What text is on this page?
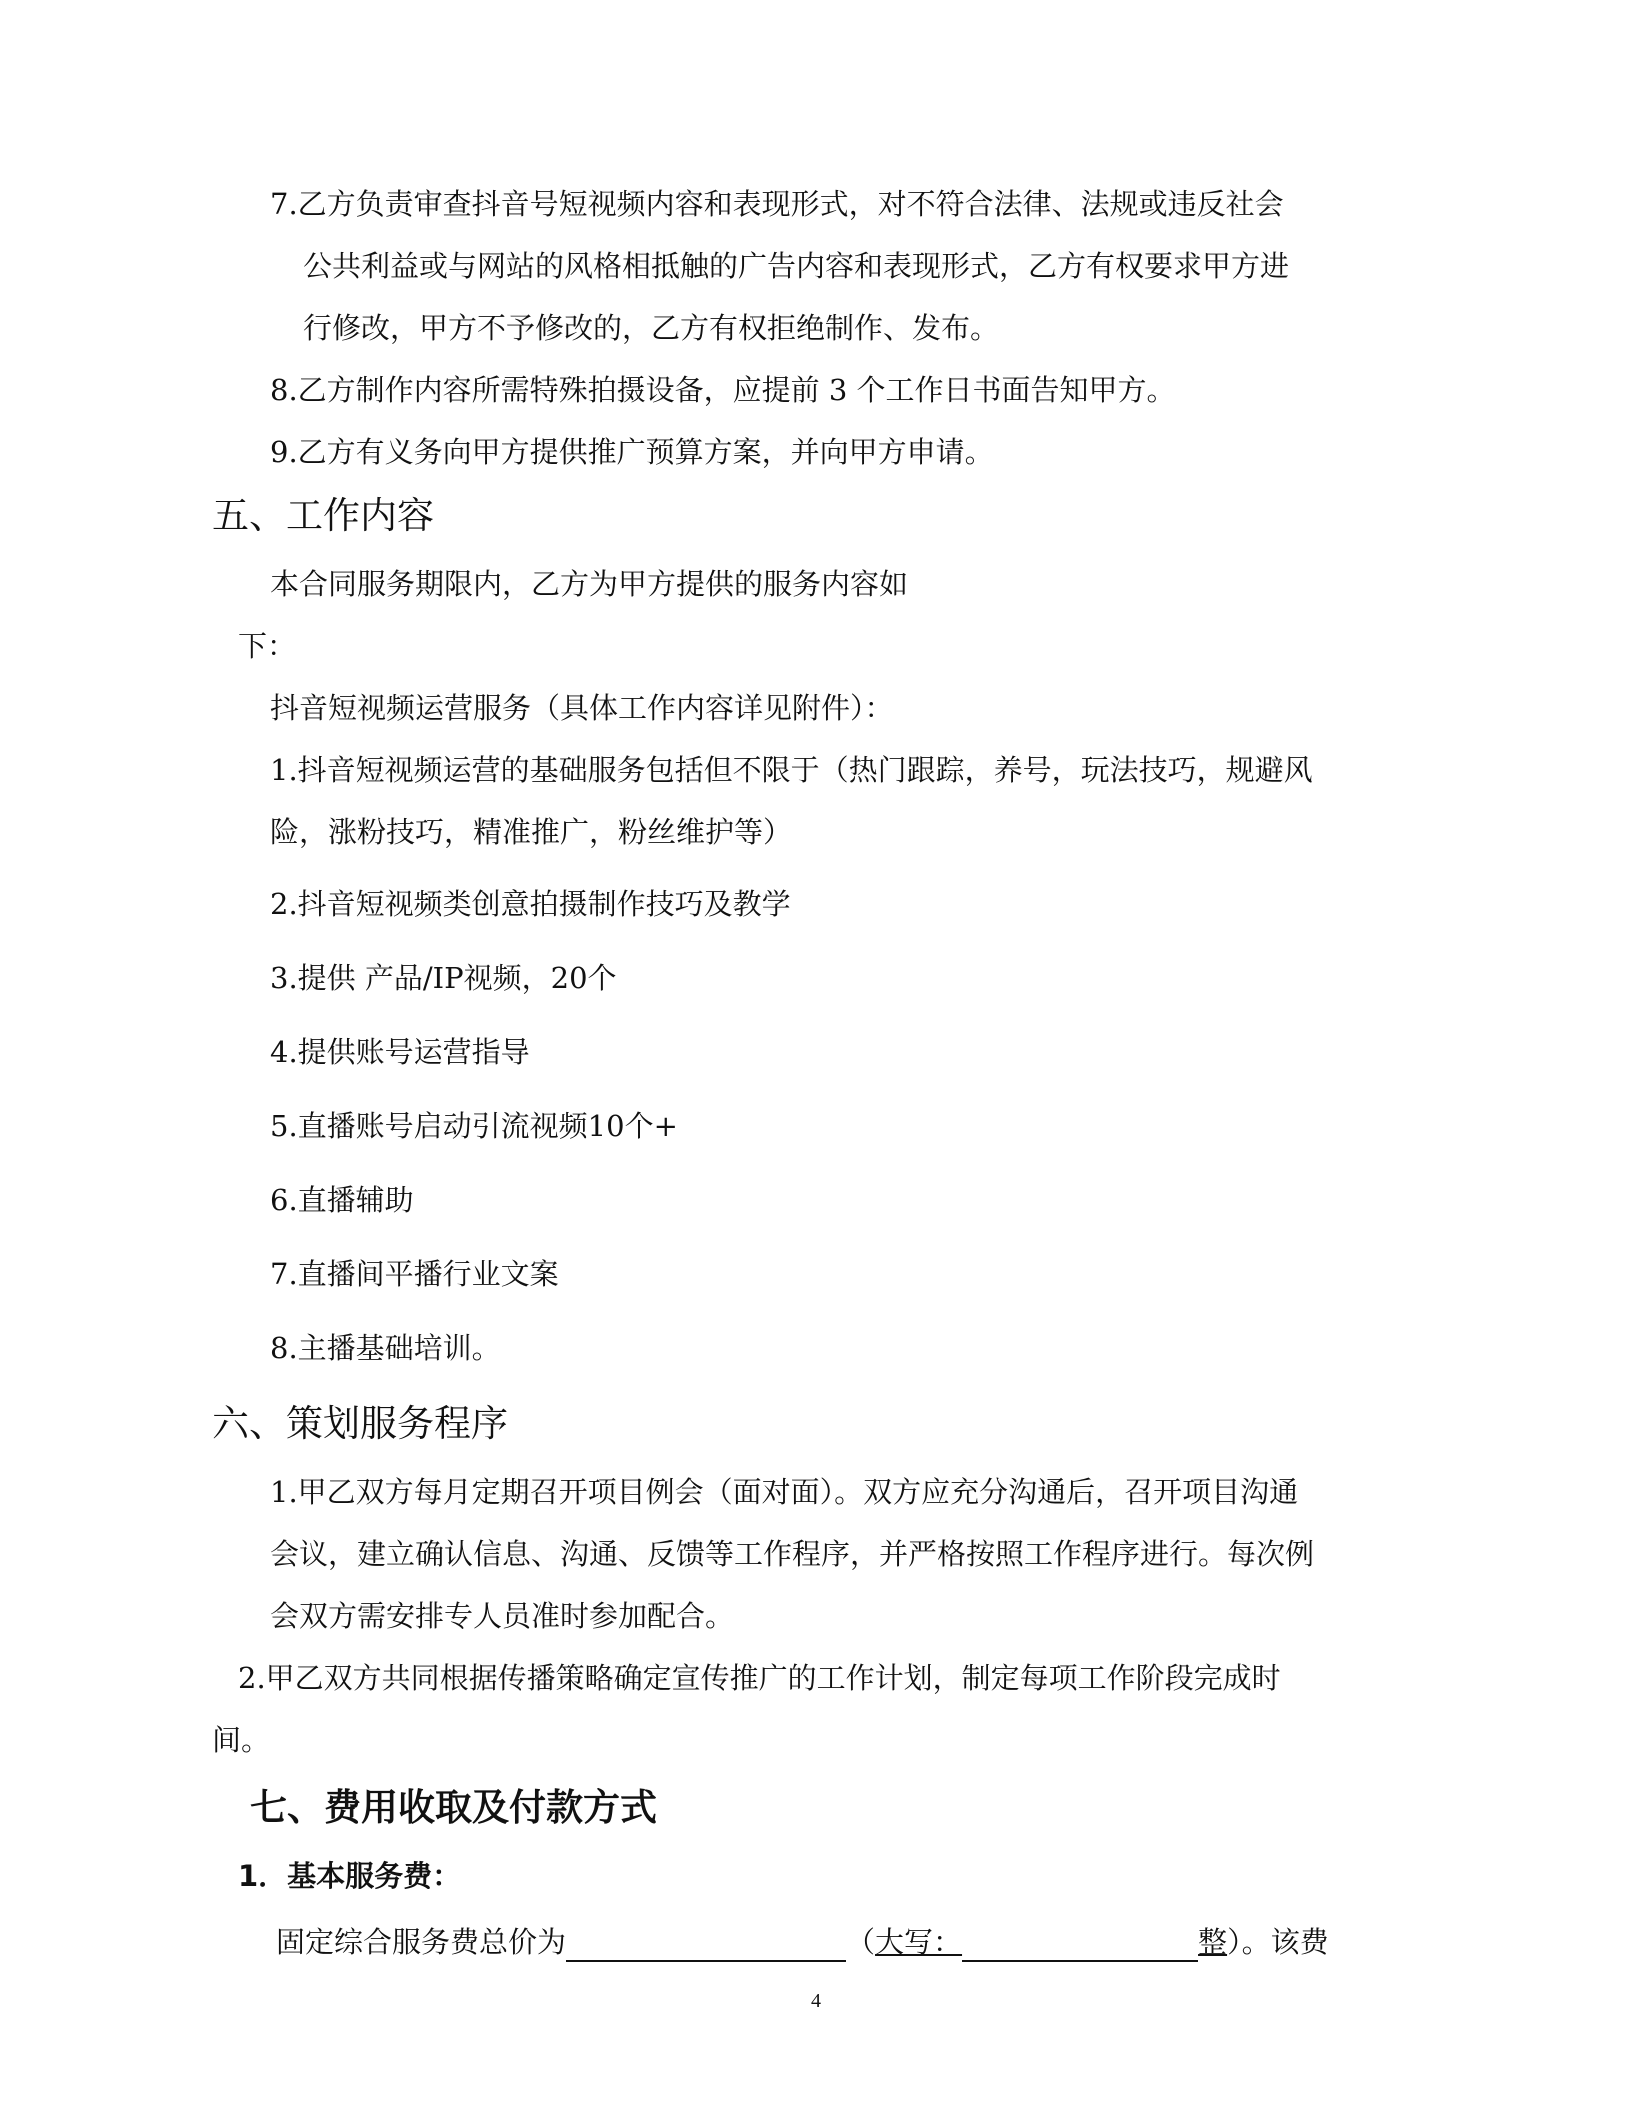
7.乙方负责审查抖音号短视频内容和表现形式，对不符合法律、法规或违反社会
公共利益或与网站的风格相抵触的广告内容和表现形式，乙方有权要求甲方进
行修改，甲方不予修改的，乙方有权拒绝制作、发布。
8.乙方制作内容所需特殊拍摄设备，应提前 3 个工作日书面告知甲方。
9.乙方有义务向甲方提供推广预算方案，并向甲方申请。
五、工作内容
本合同服务期限内，乙方为甲方提供的服务内容如
下：
抖音短视频运营服务（具体工作内容详见附件）：
1.抖音短视频运营的基础服务包括但不限于（热门跟踪，养号，玩法技巧，规避风
险，涨粉技巧，精准推广，粉丝维护等）
2.抖音短视频类创意拍摄制作技巧及教学
3.提供 产品/IP视频，20个
4.提供账号运营指导
5.直播账号启动引流视频10个+
6.直播辅助
7.直播间平播行业文案
8.主播基础培训。
六、策划服务程序
1.甲乙双方每月定期召开项目例会（面对面）。双方应充分沟通后，召开项目沟通
会议，建立确认信息、沟通、反馈等工作程序，并严格按照工作程序进行。每次例
会双方需安排专人员准时参加配合。
2.甲乙双方共同根据传播策略确定宣传推广的工作计划，制定每项工作阶段完成时
间。
七、费用收取及付款方式
1．基本服务费：
固定综合服务费总价为	（大写：	整）。该费
4
